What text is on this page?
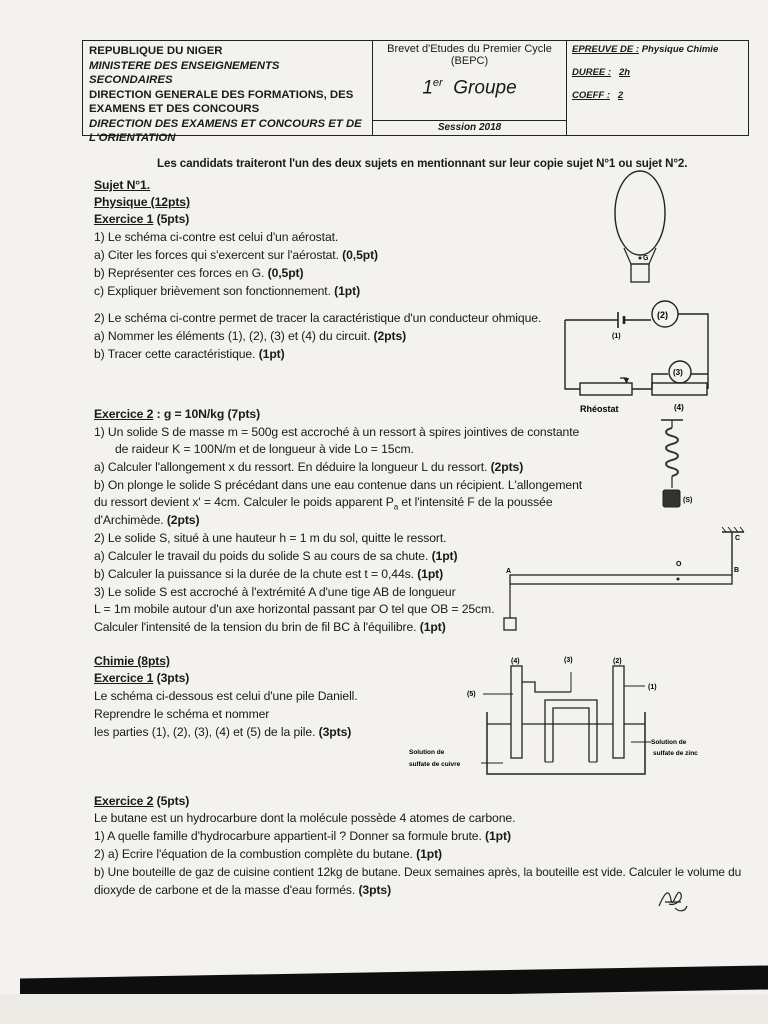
REPUBLIQUE DU NIGER
MINISTERE DES ENSEIGNEMENTS SECONDAIRES
DIRECTION GENERALE DES FORMATIONS, DES
EXAMENS ET DES CONCOURS
DIRECTION DES EXAMENS ET CONCOURS ET DE
L'ORIENTATION
Brevet d'Etudes du Premier Cycle
(BEPC)
1er Groupe
Session 2018
EPREUVE DE : Physique Chimie
DUREE : 2h
COEFF : 2
Les candidats traiteront l'un des deux sujets en mentionnant sur leur copie sujet N°1 ou sujet N°2.
Sujet N°1.
Physique (12pts)
Exercice 1 (5pts)
1) Le schéma ci-contre est celui d'un aérostat.
a) Citer les forces qui s'exercent sur l'aérostat. (0,5pt)
b) Représenter ces forces en G. (0,5pt)
c) Expliquer brièvement son fonctionnement. (1pt)
2) Le schéma ci-contre permet de tracer la caractéristique d'un conducteur ohmique.
a) Nommer les éléments (1), (2), (3) et (4) du circuit. (2pts)
b) Tracer cette caractéristique. (1pt)
Exercice 2 : g = 10N/kg (7pts)
1) Un solide S de masse m = 500g est accroché à un ressort à spires jointives de constante
de raideur K = 100N/m et de longueur à vide Lo = 15cm.
a) Calculer l'allongement x du ressort. En déduire la longueur L du ressort. (2pts)
b) On plonge le solide S précédant dans une eau contenue dans un récipient. L'allongement
du ressort devient x' = 4cm. Calculer le poids apparent $P_a$ et l'intensité F de la poussée
d'Archimède. (2pts)
2) Le solide S, situé à une hauteur h = 1 m du sol, quitte le ressort.
a) Calculer le travail du poids du solide S au cours de sa chute. (1pt)
b) Calculer la puissance si la durée de la chute est t = 0,44s. (1pt)
3) Le solide S est accroché à l'extrémité A d'une tige AB de longueur
L = 1m mobile autour d'un axe horizontal passant par O tel que OB = 25cm.
Calculer l'intensité de la tension du brin de fil BC à l'équilibre. (1pt)
Chimie (8pts)
Exercice 1 (3pts)
Le schéma ci-dessous est celui d'une pile Daniell.
Reprendre le schéma et nommer
les parties (1), (2), (3), (4) et (5) de la pile. (3pts)
Exercice 2 (5pts)
Le butane est un hydrocarbure dont la molécule possède 4 atomes de carbone.
1) A quelle famille d'hydrocarbure appartient-il ? Donner sa formule brute. (1pt)
2) a) Ecrire l'équation de la combustion complète du butane. (1pt)
b) Une bouteille de gaz de cuisine contient 12kg de butane. Deux semaines après, la bouteille est vide. Calculer le volume du
dioxyde de carbone et de la masse d'eau formés. (3pts)
G
(2)
(1)
(3)
Rhéostat	(4)
(S)
A	B
O
C
(4)	(3)	(2)
(1)
(5)
Solution de
sulfate de cuivre
Solution de
sulfate de zinc
